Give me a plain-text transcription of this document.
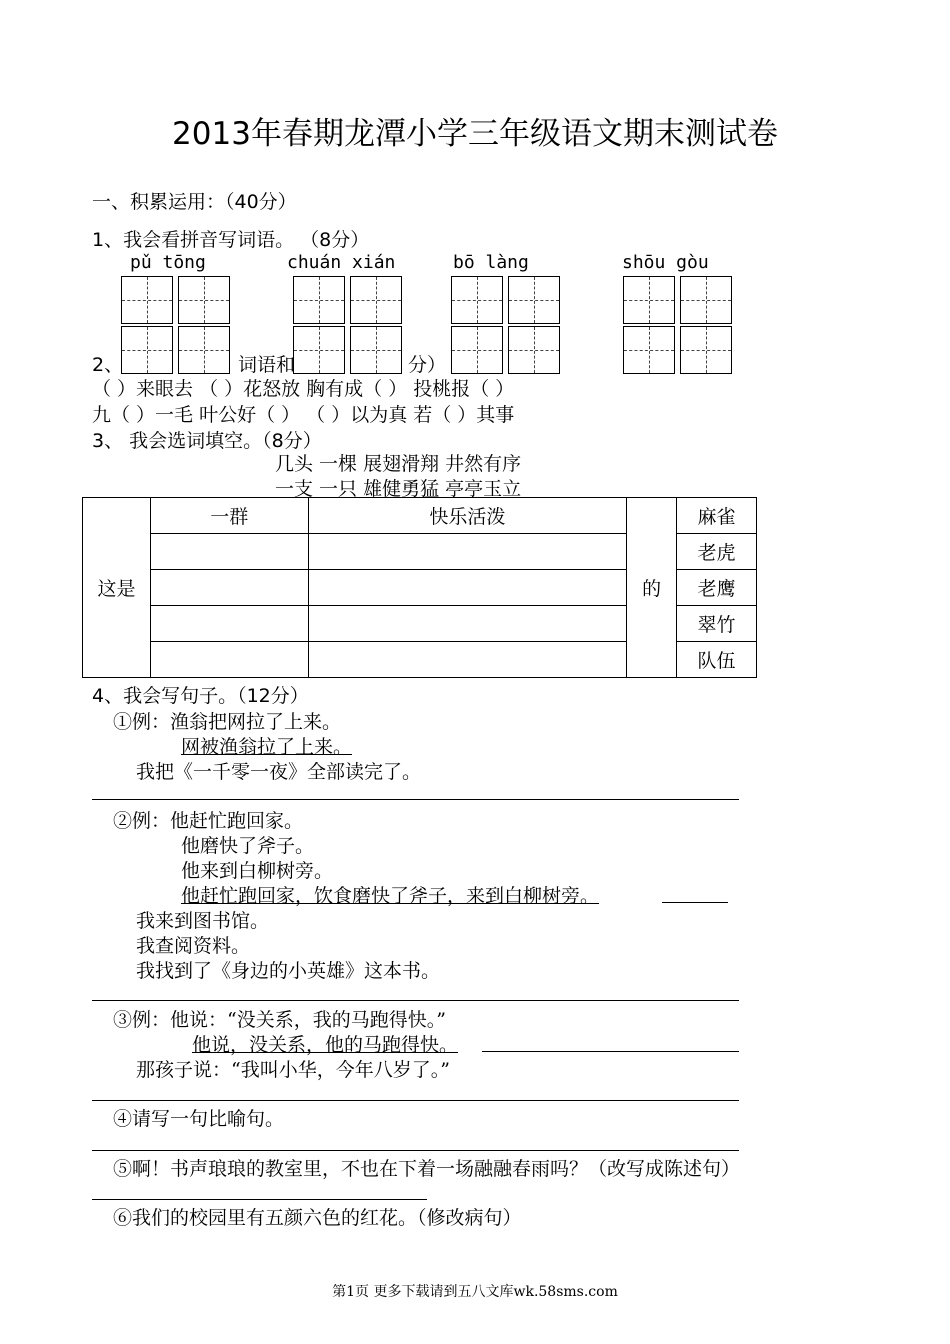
2013年春期龙潭小学三年级语文期末测试卷
一、积累运用：（40分）
1、我会看拼音写词语。 （8分）
pǔ tōng	chuán xián	bō làng	shōu gòu
2、	词语和	分）
（ ）来眼去 （ ）花怒放 胸有成（ ） 投桃报（ ）
九（ ）一毛 叶公好（ ） （ ）以为真 若（ ）其事
3、 我会选词填空。（8分）
几头 一棵 展翅滑翔 井然有序
一支 一只 雄健勇猛 亭亭玉立
这是	一群	快乐活泼	的	麻雀
				老虎
				老鹰
				翠竹
				队伍
4、我会写句子。（12分）
①例：渔翁把网拉了上来。
网被渔翁拉了上来。
我把《一千零一夜》全部读完了。
②例：他赶忙跑回家。
他磨快了斧子。
他来到白柳树旁。
他赶忙跑回家，饮食磨快了斧子，来到白柳树旁。
我来到图书馆。
我查阅资料。
我找到了《身边的小英雄》这本书。
③例：他说：“没关系，我的马跑得快。”
他说，没关系，他的马跑得快。
那孩子说：“我叫小华，今年八岁了。”
④请写一句比喻句。
⑤啊！书声琅琅的教室里，不也在下着一场融融春雨吗？（改写成陈述句）
⑥我们的校园里有五颜六色的红花。（修改病句）
第1页 更多下载请到五八文库wk.58sms.com
